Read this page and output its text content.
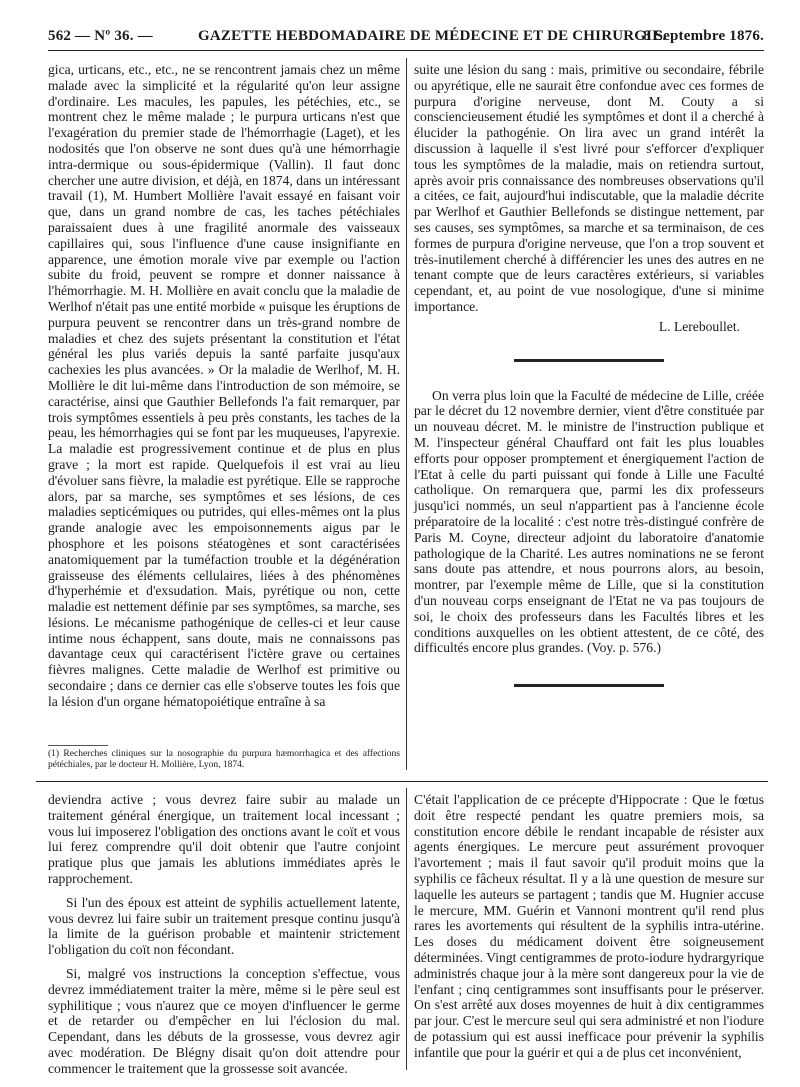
562 — Nº 36. —	GAZETTE HEBDOMADAIRE DE MÉDECINE ET DE CHIRURGIE.
8 Septembre 1876.

gica, urticans, etc., etc., ne se rencontrent jamais chez un même malade avec la simplicité et la régularité qu'on leur assigne d'ordinaire. Les macules, les papules, les pétéchies, etc., se montrent chez le même malade ; le purpura urticans n'est que l'exagération du premier stade de l'hémorrhagie (Laget), et les nodosités que l'on observe ne sont dues qu'à une hémorrhagie intra-dermique ou sous-épidermique (Vallin). Il faut donc chercher une autre division, et déjà, en 1874, dans un intéressant travail (1), M. Humbert Mollière l'avait essayé en faisant voir que, dans un grand nombre de cas, les taches pétéchiales paraissaient dues à une fragilité anormale des vaisseaux capillaires qui, sous l'influence d'une cause insignifiante en apparence, une émotion morale vive par exemple ou l'action subite du froid, peuvent se rompre et donner naissance à l'hémorrhagie. M. H. Mollière en avait conclu que la maladie de Werlhof n'était pas une entité morbide « puisque les éruptions de purpura peuvent se rencontrer dans un très-grand nombre de maladies et chez des sujets présentant la constitution et l'état général les plus variés depuis la santé parfaite jusqu'aux cachexies les plus avancées. » Or la maladie de Werlhof, M. H. Mollière le dit lui-même dans l'introduction de son mémoire, se caractérise, ainsi que Gauthier Bellefonds l'a fait remarquer, par trois symptômes essentiels à peu près constants, les taches de la peau, les hémorrhagies qui se font par les muqueuses, l'apyrexie. La maladie est progressivement continue et de plus en plus grave ; la mort est rapide. Quelquefois il est vrai au lieu d'évoluer sans fièvre, la maladie est pyrétique. Elle se rapproche alors, par sa marche, ses symptômes et ses lésions, de ces maladies septicémiques ou putrides, qui elles-mêmes ont la plus grande analogie avec les empoisonnements aigus par le phosphore et les poisons stéatogènes et sont caractérisées anatomiquement par la tuméfaction trouble et la dégénération graisseuse des éléments cellulaires, liées à des phénomènes d'hyperhémie et d'exsudation. Mais, pyrétique ou non, cette maladie est nettement définie par ses symptômes, sa marche, ses lésions. Le mécanisme pathogénique de celles-ci et leur cause intime nous échappent, sans doute, mais ne connaissons pas davantage ceux qui caractérisent l'ictère grave ou certaines fièvres malignes. Cette maladie de Werlhof est primitive ou secondaire ; dans ce dernier cas elle s'observe toutes les fois que la lésion d'un organe hématopoiétique entraîne à sa

(1) Recherches cliniques sur la nosographie du purpura hæmorrhagica et des affections pétéchiales, par le docteur H. Mollière, Lyon, 1874.

suite une lésion du sang : mais, primitive ou secondaire, fébrile ou apyrétique, elle ne saurait être confondue avec ces formes de purpura d'origine nerveuse, dont M. Couty a si consciencieusement étudié les symptômes et dont il a cherché à élucider la pathogénie. On lira avec un grand intérêt la discussion à laquelle il s'est livré pour s'efforcer d'expliquer tous les symptômes de la maladie, mais on retiendra surtout, après avoir pris connaissance des nombreuses observations qu'il a citées, ce fait, aujourd'hui indiscutable, que la maladie décrite par Werlhof et Gauthier Bellefonds se distingue nettement, par ses causes, ses symptômes, sa marche et sa terminaison, de ces formes de purpura d'origine nerveuse, que l'on a trop souvent et très-inutilement cherché à différencier les unes des autres en ne tenant compte que de leurs caractères extérieurs, si variables cependant, et, au point de vue nosologique, d'une si minime importance.

L. Lereboullet.

On verra plus loin que la Faculté de médecine de Lille, créée par le décret du 12 novembre dernier, vient d'être constituée par un nouveau décret. M. le ministre de l'instruction publique et M. l'inspecteur général Chauffard ont fait les plus louables efforts pour opposer promptement et énergiquement l'action de l'Etat à celle du parti puissant qui fonde à Lille une Faculté catholique. On remarquera que, parmi les dix professeurs jusqu'ici nommés, un seul n'appartient pas à l'ancienne école préparatoire de la localité : c'est notre très-distingué confrère de Paris M. Coyne, directeur adjoint du laboratoire d'anatomie pathologique de la Charité. Les autres nominations ne se feront sans doute pas attendre, et nous pourrons alors, au besoin, montrer, par l'exemple même de Lille, que si la constitution d'un nouveau corps enseignant de l'Etat ne va pas toujours de soi, le choix des professeurs dans les Facultés libres et les conditions auxquelles on les obtient attestent, de ce côté, des difficultés encore plus grandes. (Voy. p. 576.)

deviendra active ; vous devrez faire subir au malade un traitement général énergique, un traitement local incessant ; vous lui imposerez l'obligation des onctions avant le coït et vous lui ferez comprendre qu'il doit obtenir que l'autre conjoint pratique plus que jamais les ablutions immédiates après le rapprochement.

Si l'un des époux est atteint de syphilis actuellement latente, vous devrez lui faire subir un traitement presque continu jusqu'à la limite de la guérison probable et maintenir strictement l'obligation du coït non fécondant.

Si, malgré vos instructions la conception s'effectue, vous devrez immédiatement traiter la mère, même si le père seul est syphilitique ; vous n'aurez que ce moyen d'influencer le germe et de retarder ou d'empêcher en lui l'éclosion du mal. Cependant, dans les débuts de la grossesse, vous devrez agir avec modération. De Blégny disait qu'on doit attendre pour commencer le traitement que la grossesse soit avancée.

C'était l'application de ce précepte d'Hippocrate : Que le fœtus doit être respecté pendant les quatre premiers mois, sa constitution encore débile le rendant incapable de résister aux agents énergiques. Le mercure peut assurément provoquer l'avortement ; mais il faut savoir qu'il produit moins que la syphilis ce fâcheux résultat. Il y a là une question de mesure sur laquelle les auteurs se partagent ; tandis que M. Hugnier accuse le mercure, MM. Guérin et Vannoni montrent qu'il rend plus rares les avortements qui résultent de la syphilis intra-utérine. Les doses du médicament doivent être soigneusement déterminées. Vingt centigrammes de proto-iodure hydrargyrique administrés chaque jour à la mère sont dangereux pour la vie de l'enfant ; cinq centigrammes sont insuffisants pour le préserver. On s'est arrêté aux doses moyennes de huit à dix centigrammes par jour. C'est le mercure seul qui sera administré et non l'iodure de potassium qui est aussi inefficace pour prévenir la syphilis infantile que pour la guérir et qui a de plus cet inconvénient,
